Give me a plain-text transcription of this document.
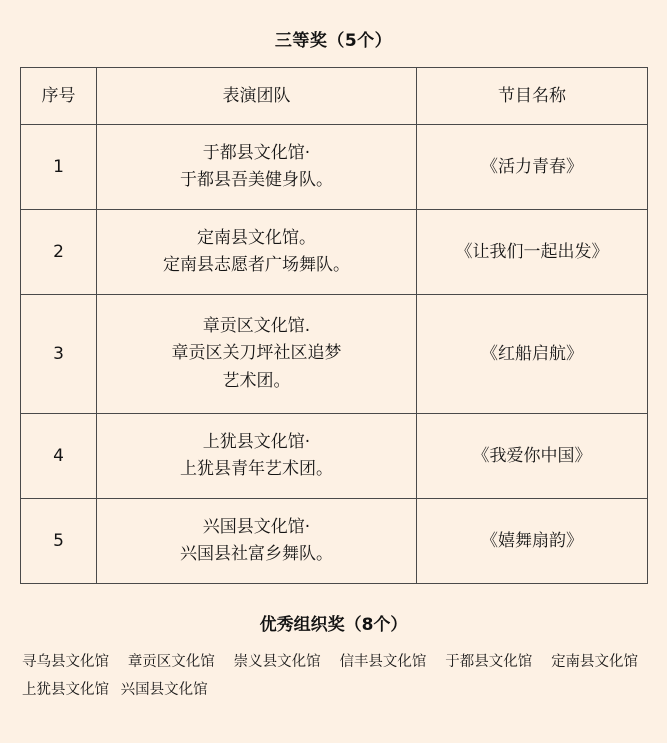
三等奖（5个）
序号	表演团队	节目名称
1	于都县文化馆·
于都县吾美健身队。	《活力青春》
2	定南县文化馆。
定南县志愿者广场舞队。	《让我们一起出发》
3	章贡区文化馆.
章贡区关刀坪社区追梦
艺术团。	《红船启航》
4	上犹县文化馆·
上犹县青年艺术团。	《我爱你中国》
5	兴国县文化馆·
兴国县社富乡舞队。	《嬉舞扇韵》
优秀组织奖（8个）
寻乌县文化馆 章贡区文化馆 崇义县文化馆 信丰县文化馆 于都县文化馆 定南县文化馆 上犹县文化馆 兴国县文化馆
